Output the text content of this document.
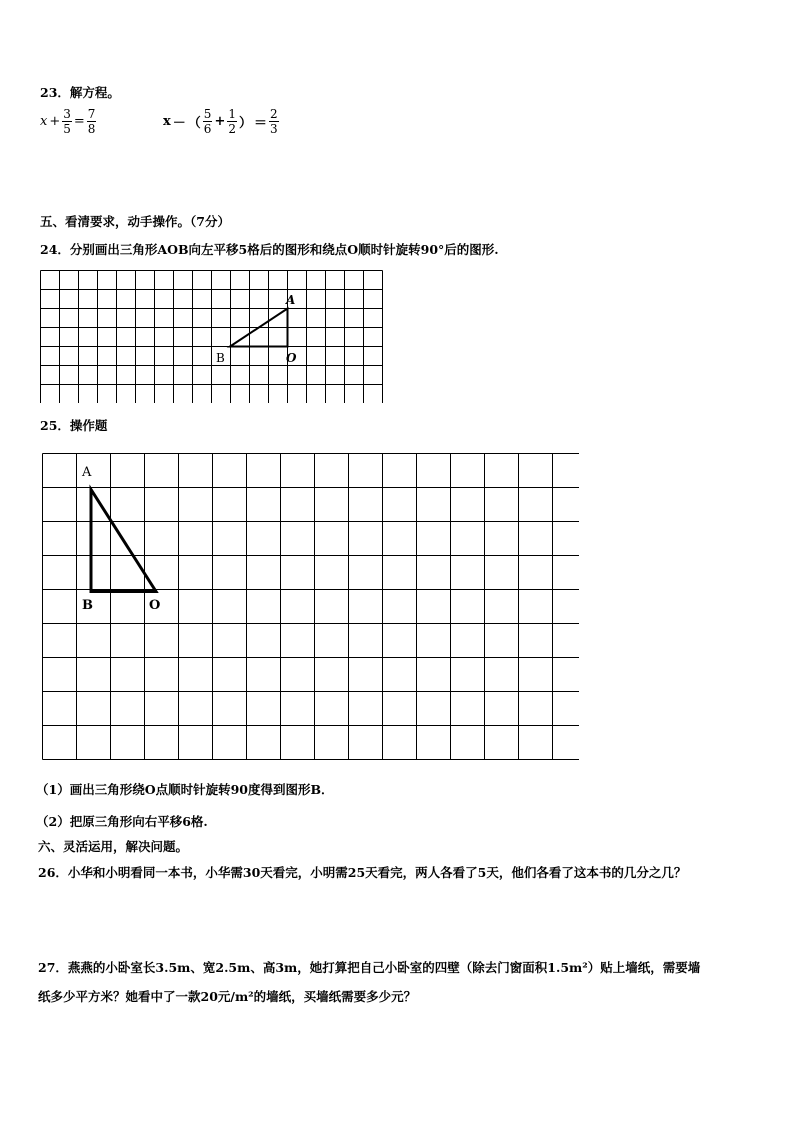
23．解方程。
$x + \frac{3}{5} = \frac{7}{8}$	x － （ $\frac{5}{6} + \frac{1}{2}$ ） ＝ $\frac{2}{3}$
五、看清要求，动手操作。（7分）
24．分别画出三角形AOB向左平移5格后的图形和绕点O顺时针旋转90°后的图形.
A
B	O
25．操作题
A
B	O
（1）画出三角形绕O点顺时针旋转90度得到图形B．
（2）把原三角形向右平移6格.
六、灵活运用，解决问题。
26．小华和小明看同一本书，小华需30天看完，小明需25天看完，两人各看了5天，他们各看了这本书的几分之几？
27．燕燕的小卧室长3.5m、宽2.5m、高3m，她打算把自己小卧室的四壁（除去门窗面积1.5m²）贴上墙纸，需要墙
纸多少平方米？她看中了一款20元/m²的墙纸，买墙纸需要多少元？
